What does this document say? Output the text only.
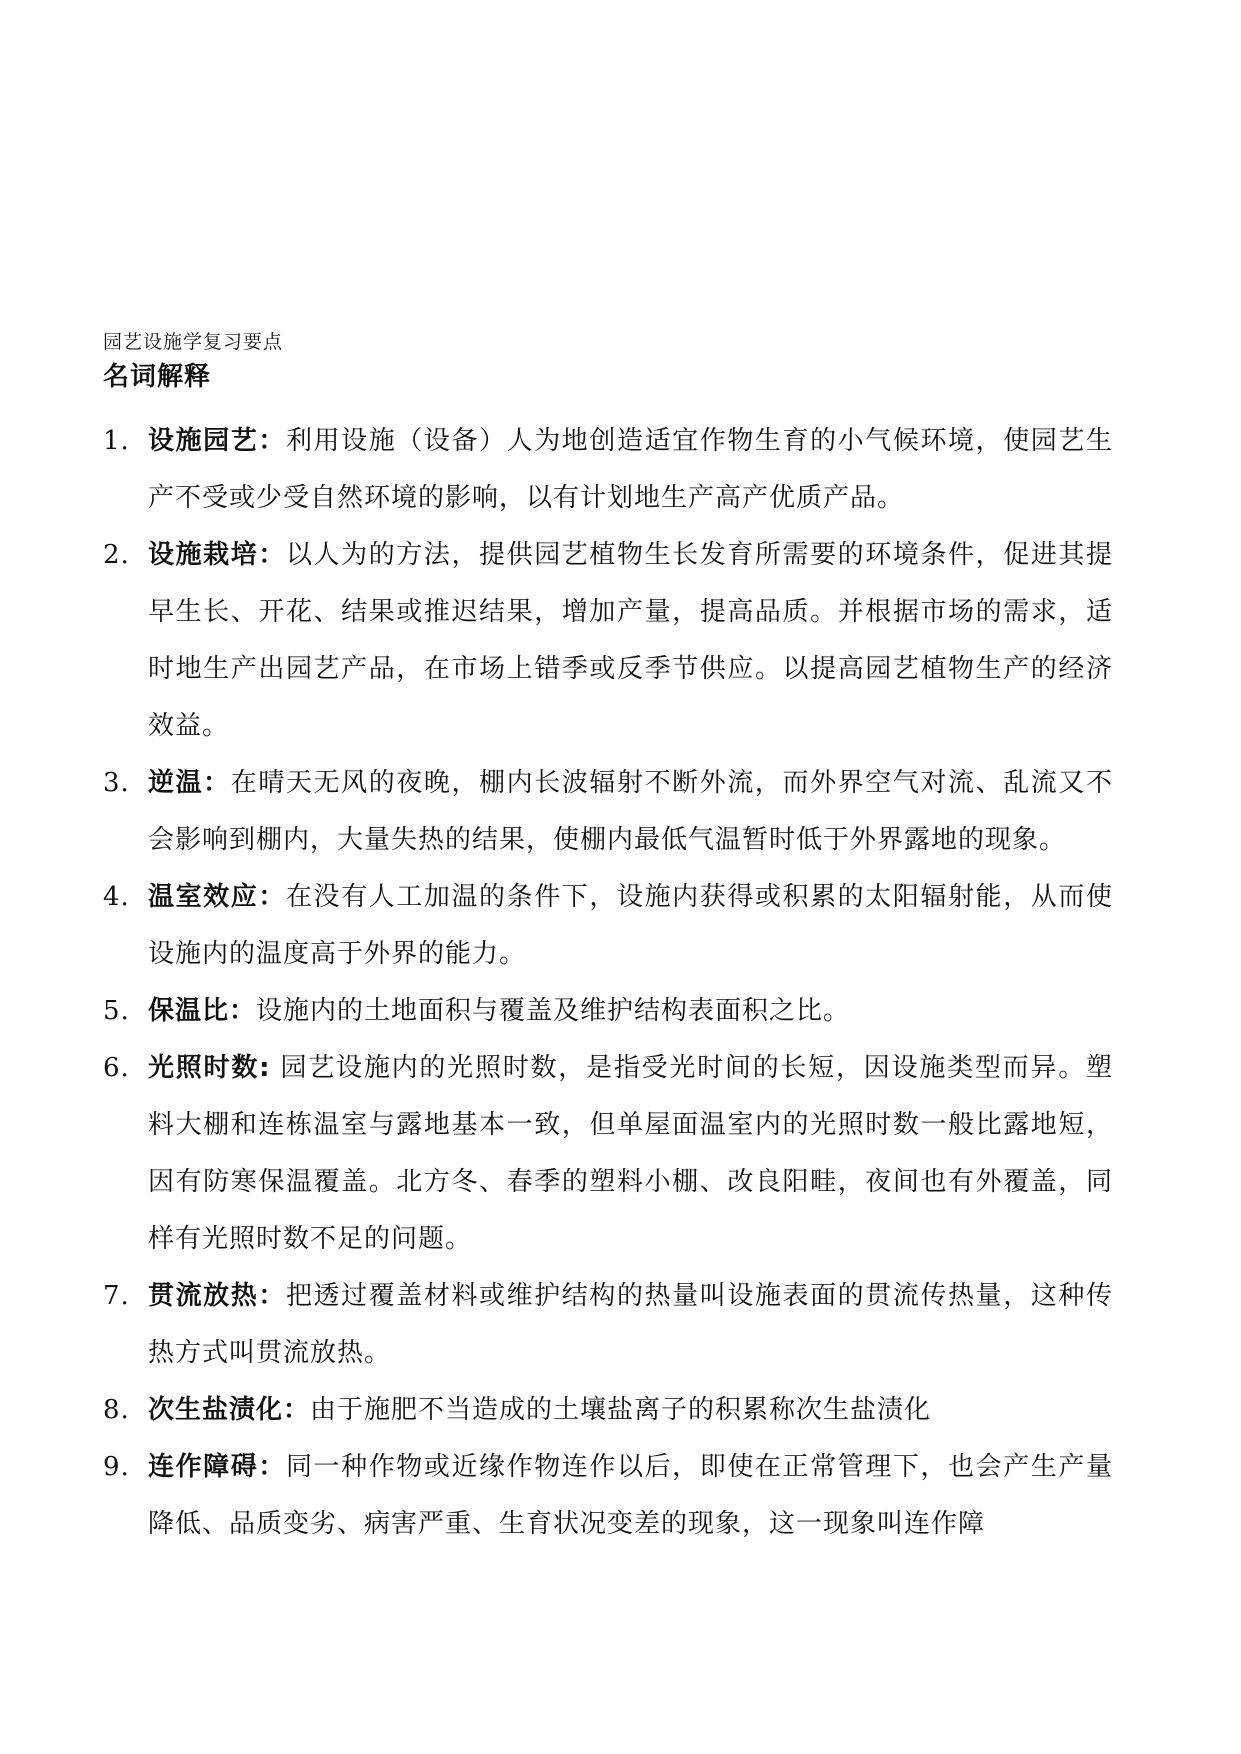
园艺设施学复习要点
名词解释
1. 设施园艺：利用设施（设备）人为地创造适宜作物生育的小气候环境，使园艺生产不受或少受自然环境的影响，以有计划地生产高产优质产品。
2. 设施栽培：以人为的方法，提供园艺植物生长发育所需要的环境条件，促进其提早生长、开花、结果或推迟结果，增加产量，提高品质。并根据市场的需求，适时地生产出园艺产品，在市场上错季或反季节供应。以提高园艺植物生产的经济效益。
3. 逆温：在晴天无风的夜晚，棚内长波辐射不断外流，而外界空气对流、乱流又不会影响到棚内，大量失热的结果，使棚内最低气温暂时低于外界露地的现象。
4. 温室效应：在没有人工加温的条件下，设施内获得或积累的太阳辐射能，从而使设施内的温度高于外界的能力。
5. 保温比：设施内的土地面积与覆盖及维护结构表面积之比。
6. 光照时数: 园艺设施内的光照时数，是指受光时间的长短，因设施类型而异。塑料大棚和连栋温室与露地基本一致，但单屋面温室内的光照时数一般比露地短，因有防寒保温覆盖。北方冬、春季的塑料小棚、改良阳畦，夜间也有外覆盖，同样有光照时数不足的问题。
7. 贯流放热：把透过覆盖材料或维护结构的热量叫设施表面的贯流传热量，这种传热方式叫贯流放热。
8. 次生盐渍化：由于施肥不当造成的土壤盐离子的积累称次生盐渍化
9. 连作障碍：同一种作物或近缘作物连作以后，即使在正常管理下，也会产生产量降低、品质变劣、病害严重、生育状况变差的现象，这一现象叫连作障
